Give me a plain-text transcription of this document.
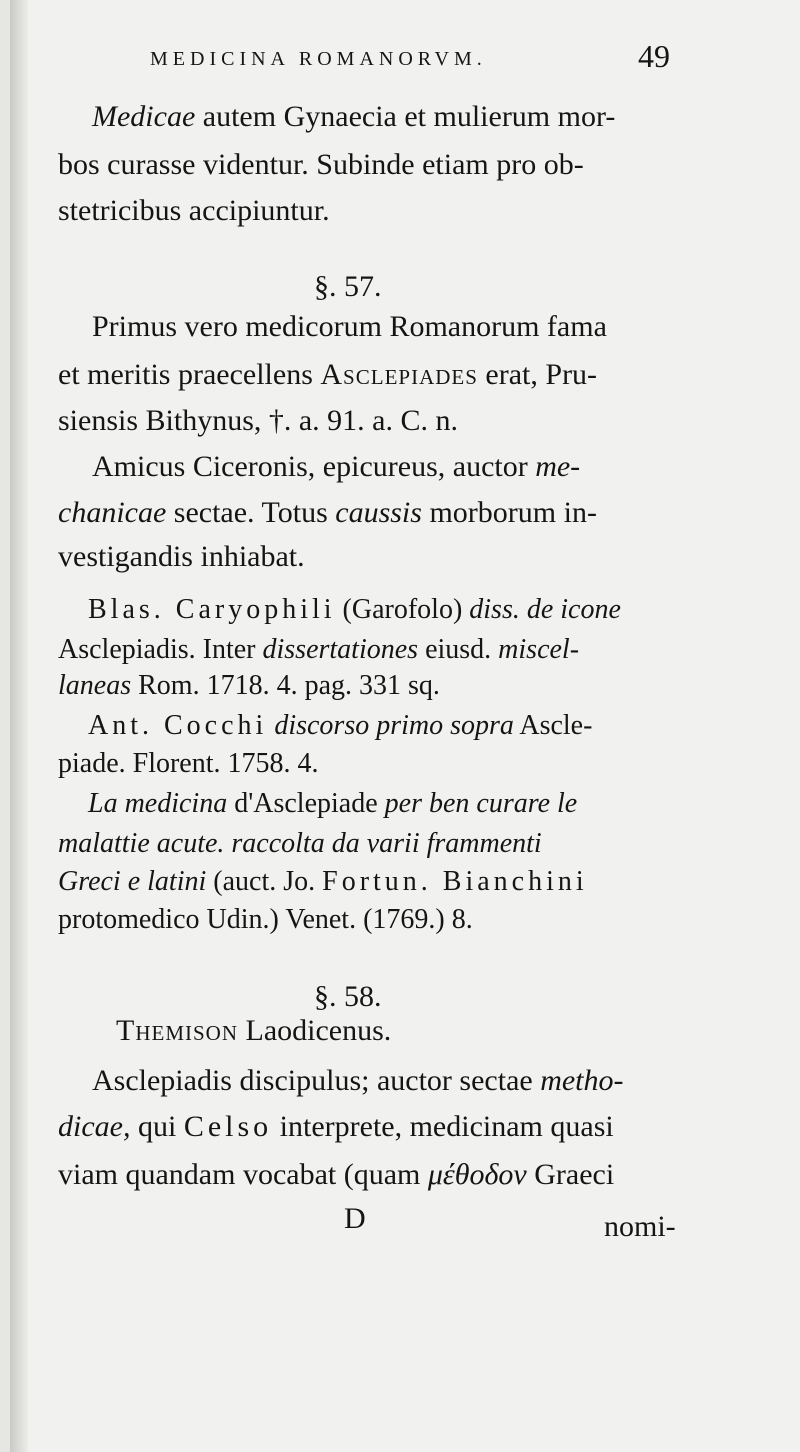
MEDICINA ROMANORVM.	49
Medicae autem Gynaecia et mulierum mor-
bos curasse videntur. Subinde etiam pro ob-
stetricibus accipiuntur.
§. 57.
Primus vero medicorum Romanorum fama
et meritis praecellens Asclepiades erat, Pru-
siensis Bithynus, †. a. 91. a. C. n.
Amicus Ciceronis, epicureus, auctor me-
chanicae sectae. Totus caussis morborum in-
vestigandis inhiabat.
Blas. Caryophili (Garofolo) diss. de icone
Asclepiadis. Inter dissertationes eiusd. miscel-
laneas Rom. 1718. 4. pag. 331 sq.
Ant. Cocchi discorso primo sopra Ascle-
piade. Florent. 1758. 4.
La medicina d'Asclepiade per ben curare le
malattie acute. raccolta da varii frammenti
Greci e latini (auct. Jo. Fortun. Bianchini
protomedico Udin.) Venet. (1769.) 8.
§. 58.
Themison Laodicenus.
Asclepiadis discipulus; auctor sectae metho-
dicae, qui Celso interprete, medicinam quasi
viam quandam vocabat (quam μέθοδον Graeci
D	nomi-
